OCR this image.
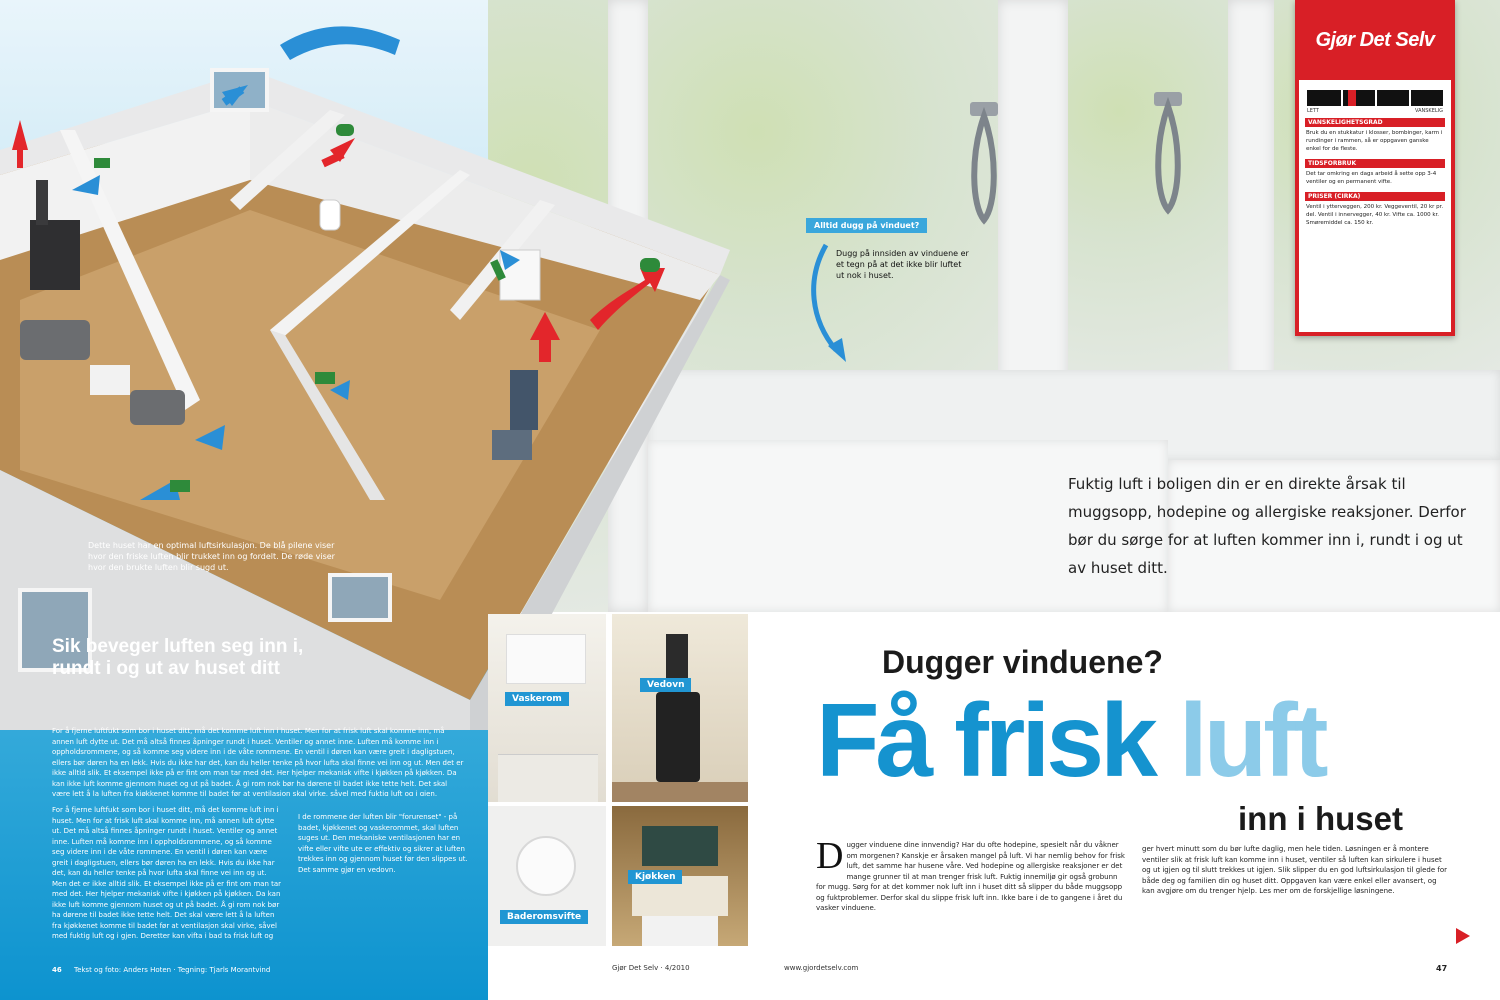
Dette huset har en optimal luftsirkulasjon. De blå pilene viser hvor den friske luften blir trukket inn og fordelt. De røde viser hvor den brukte luften blir sugd ut.
Sik beveger luften seg inn i, rundt i og ut av huset ditt
For å fjerne luftfukt som bor i huset ditt, må det komme luft inn i huset. Men for at frisk luft skal komme inn, må annen luft dytte ut. Det må altså finnes åpninger rundt i huset. Ventiler og annet inne. Luften må komme inn i oppholdsrommene, og så komme seg videre inn i de våte rommene. En ventil i døren kan være greit i dagligstuen, ellers bør døren ha en lekk. Hvis du ikke har det, kan du heller tenke på hvor lufta skal finne vei inn og ut. Men det er ikke alltid slik. Et eksempel ikke på er fint om man tar med det. Her hjelper mekanisk vifte i kjøkken på kjøkken. Da kan ikke luft komme gjennom huset og ut på badet. Å gi rom nok bør ha dørene til badet ikke tette helt. Det skal være lett å la luften fra kjøkkenet komme til badet før at ventilasjon skal virke, såvel med fuktig luft og i gjen.
For å fjerne luftfukt som bor i huset ditt, må det komme luft inn i huset. Men for at frisk luft skal komme inn, må annen luft dytte ut. Det må altså finnes åpninger rundt i huset. Ventiler og annet inne. Luften må komme inn i oppholdsrommene, og så komme seg videre inn i de våte rommene. En ventil i døren kan være greit i dagligstuen, ellers bør døren ha en lekk. Hvis du ikke har det, kan du heller tenke på hvor lufta skal finne vei inn og ut. Men det er ikke alltid slik. Et eksempel ikke på er fint om man tar med det. Her hjelper mekanisk vifte i kjøkken på kjøkken. Da kan ikke luft komme gjennom huset og ut på badet. Å gi rom nok bør ha dørene til badet ikke tette helt. Det skal være lett å la luften fra kjøkkenet komme til badet før at ventilasjon skal virke, såvel med fuktig luft og i gjen. Deretter kan vifta i bad ta frisk luft og
I de rommene der luften blir "forurenset" - på badet, kjøkkenet og vaskerommet, skal luften suges ut. Den mekaniske ventilasjonen har en vifte eller vifte ute er effektiv og sikrer at luften trekkes inn og gjennom huset før den slippes ut. Det samme gjør en vedovn.
46 Tekst og foto: Anders Hoten · Tegning: Tjarls Morantvind
Alltid dugg på vinduet?
Dugg på innsiden av vinduene er et tegn på at det ikke blir luftet ut nok i huset.
Fuktig luft i boligen din er en direkte årsak til muggsopp, hodepine og allergiske reaksjoner. Derfor bør du sørge for at luften kommer inn i, rundt i og ut av huset ditt.
Gjør Det Selv
LETT	VANSKELIG
VANSKELIGHETSGRAD
Bruk du en stukkatur i klosser, bombinger, karm i rundinger i rammen, så er oppgaven ganske enkel for de fleste.
TIDSFORBRUK
Det tar omkring en dags arbeid å sette opp 3-4 ventiler og en permanent vifte.
PRISER (CIRKA)
Ventil i ytterveggen, 200 kr. Veggeventil, 20 kr pr. del. Ventil i innervegger, 40 kr. Vifte ca. 1000 kr. Smøremiddel ca. 150 kr.
Vaskerom
Vedovn
Baderomsvifte
Kjøkken
Dugger vinduene?
Få frisk luft
inn i huset
Dugger vinduene dine innvendig? Har du ofte hodepine, spesielt når du våkner om morgenen? Kanskje er årsaken mangel på luft. Vi har nemlig behov for frisk luft, det samme har husene våre. Ved hodepine og allergiske reaksjoner er det mange grunner til at man trenger frisk luft. Fuktig innemiljø gir også grobunn for mugg. Sørg for at det kommer nok luft inn i huset ditt så slipper du både muggsopp og fuktproblemer. Derfor skal du slippe frisk luft inn. Ikke bare i de to gangene i året du vasker vinduene.
ger hvert minutt som du bør lufte daglig, men hele tiden. Løsningen er å montere ventiler slik at frisk luft kan komme inn i huset, ventiler så luften kan sirkulere i huset og ut igjen og til slutt trekkes ut igjen. Slik slipper du en god luftsirkulasjon til glede for både deg og familien din og huset ditt. Oppgaven kan være enkel eller avansert, og kan avgjøre om du trenger hjelp. Les mer om de forskjellige løsningene.
Gjør Det Selv · 4/2010	www.gjordetselv.com	47
